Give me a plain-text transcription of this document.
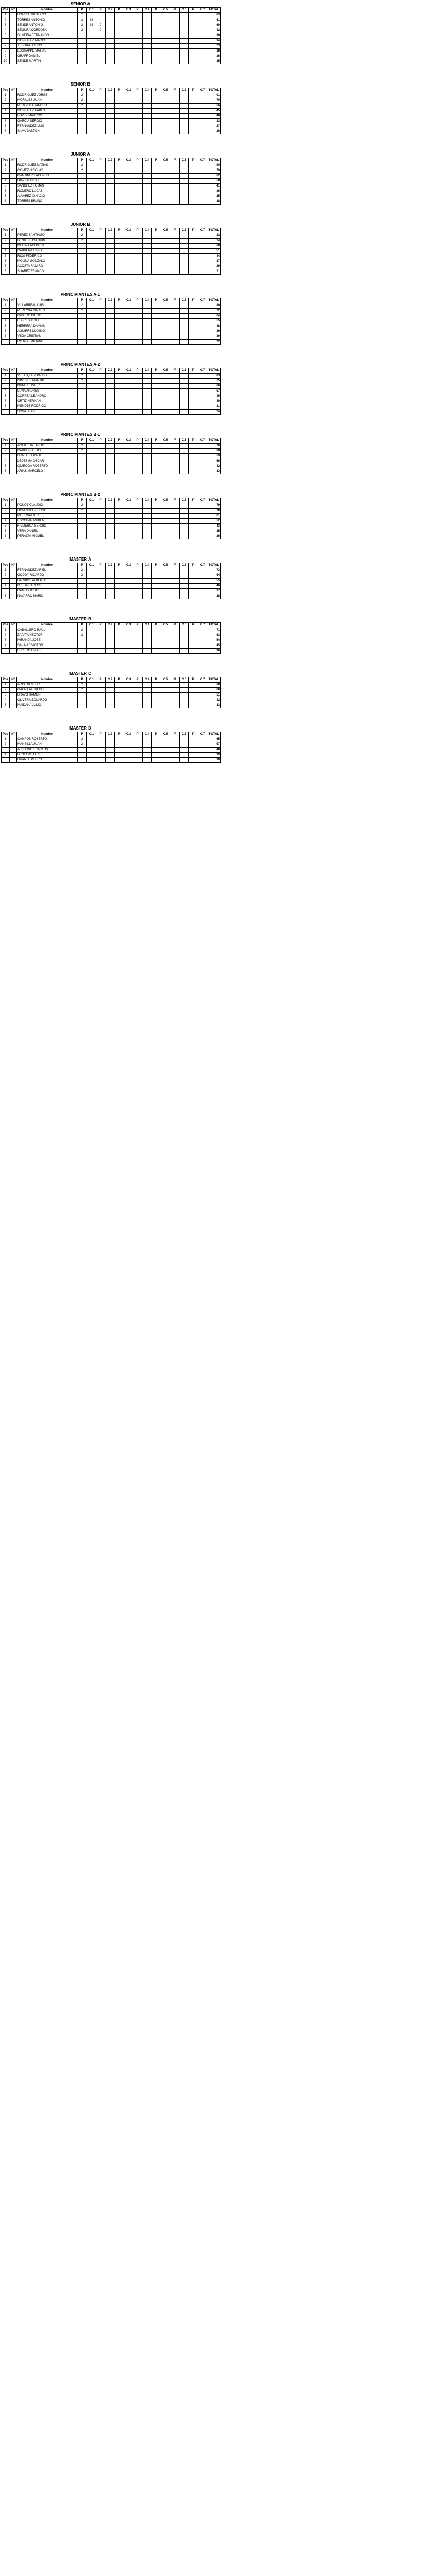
SENIOR A
Pos	Nº	Nombre	P	C.1	P	C.2	P	C.3	P	C.4	P	C.5	P	C.6	P	C.7	TOTAL
1		BOUSSE VICTORIO	2														83
2		TORRES ANTONIO	2	16													61
3		SENDE ANTONIO	2	16	2												60
4		SEGURA CORDOBA	2		2												42
5		SILVEIRA FERNANDO															38
6		GONZALEZ MARIO															34
7		TESORA BRUNO															23
8		ESCHAPPE MATIAS															18
9		GRAFF DANIEL															16
10		SENDE MARTIN															15
SENIOR B
Pos	Nº	Nombre	P	C.1	P	C.2	P	C.3	P	C.4	P	C.5	P	C.6	P	C.7	TOTAL
1		RODRIGUEZ JORGE	2														91
2		MORALES JUAN	2														70
3		PEREZ ALEJANDRO	2														56
4		GONZALEZ PABLO															45
5		LOPEZ MARCOS															40
6		GARCIA SERGIO															33
7		FERNANDEZ LUIS															27
8		SILVA GASTON															20
JUNIOR A
Pos	Nº	Nombre	P	C.1	P	C.2	P	C.3	P	C.4	P	C.5	P	C.6	P	C.7	TOTAL
1		RODRIGUEZ MATIAS	2														90
2		GOMEZ NICOLAS	2														79
3		MARTINEZ FACUNDO															62
4		DIAZ FRANCO															58
5		SANCHEZ TOMAS															41
6		ROMERO LUCAS															36
7		ALVAREZ IGNACIO															25
8		TORRES BRUNO															18
JUNIOR B
Pos	Nº	Nombre	P	C.1	P	C.2	P	C.3	P	C.4	P	C.5	P	C.6	P	C.7	TOTAL
1		PEREZ SANTIAGO	2														82
2		BENITEZ JOAQUIN	2														74
3		MEDINA AGUSTIN															60
4		CABRERA ENZO															51
5		RIOS FEDERICO															44
6		MOLINA GONZALO															37
7		ACOSTA RAMIRO															29
8		SUAREZ FRANCO															21
PRINCIPIANTES A-1
Pos	Nº	Nombre	P	C.1	P	C.2	P	C.3	P	C.4	P	C.5	P	C.6	P	C.7	TOTAL
1		VILLARREAL LUIS	2														80
2		PEREYRA MARTIN	2														72
3		CASTRO DIEGO															64
4		FLORES ARIEL															55
5		HERRERA DAMIAN															48
6		AGUIRRE MAXIMO															39
7		VEGA CRISTIAN															30
8		ROJAS EMILIANO															22
PRINCIPIANTES A-2
Pos	Nº	Nombre	P	C.1	P	C.2	P	C.3	P	C.4	P	C.5	P	C.6	P	C.7	TOTAL
1		VELAZQUEZ PABLO	2														83
2		GIMENEZ MARTIN	2														75
3		NUÑEZ JAVIER															66
4		LUNA ANDRES															57
5		CORREA LEANDRO															49
6		ORTIZ HERNAN															40
7		MENDEZ RODRIGO															31
8		SOSA JUAN															24
PRINCIPIANTES B-1
Pos	Nº	Nombre	P	C.1	P	C.2	P	C.3	P	C.4	P	C.5	P	C.6	P	C.7	TOTAL
1		AGUILERA EMILIO	2														76
2		CARDOZO LUIS	2														68
3		BRIZUELA RAUL															59
4		LEDESMA OSCAR															50
5		QUIROGA ROBERTO															42
6		ARIAS MARCELO															33
PRINCIPIANTES B-2
Pos	Nº	Nombre	P	C.1	P	C.2	P	C.3	P	C.4	P	C.5	P	C.6	P	C.7	TOTAL
1		PONCE CLAUDIO	2														79
2		DOMINGUEZ HUGO	2														70
3		PAEZ WALTER															61
4		ESCOBAR RUBEN															52
5		FIGUEROA SERGIO															43
6		VERA DANIEL															35
7		PERALTA MIGUEL															26
MASTER A
Pos	Nº	Nombre	P	C.1	P	C.2	P	C.3	P	C.4	P	C.5	P	C.6	P	C.7	TOTAL
1		FERNANDEZ ARIEL	2														73
2		GODOY RICARDO	2														64
3		BARRIOS ALBERTO															55
4		OJEDA CARLOS															46
5		RAMOS JORGE															37
6		NAVARRO MARIO															28
MASTER B
Pos	Nº	Nombre	P	C.1	P	C.2	P	C.3	P	C.4	P	C.5	P	C.6	P	C.7	TOTAL
1		CABALLERO RAUL	2														71
2		ZAPATA HECTOR	2														63
3		MIRANDA JOSE															54
4		SALINAS VICTOR															45
5		LUCERO OMAR															36
MASTER C
Pos	Nº	Nombre	P	C.1	P	C.2	P	C.3	P	C.4	P	C.5	P	C.6	P	C.7	TOTAL
1		ARCE NESTOR	2														68
2		GAUNA ALFREDO	2														60
3		BRAVO RAMON															51
4		OLIVERA EDUARDO															42
5		MAIDANA JULIO															33
MASTER D
Pos	Nº	Nombre	P	C.1	P	C.2	P	C.3	P	C.4	P	C.5	P	C.6	P	C.7	TOTAL
1		CAMPOS ROBERTO	2														65
2		MANSILLA JUAN	2														57
3		ALBORNOZ CARLOS															48
4		BENEGAS LUIS															39
5		DUARTE PEDRO															30
